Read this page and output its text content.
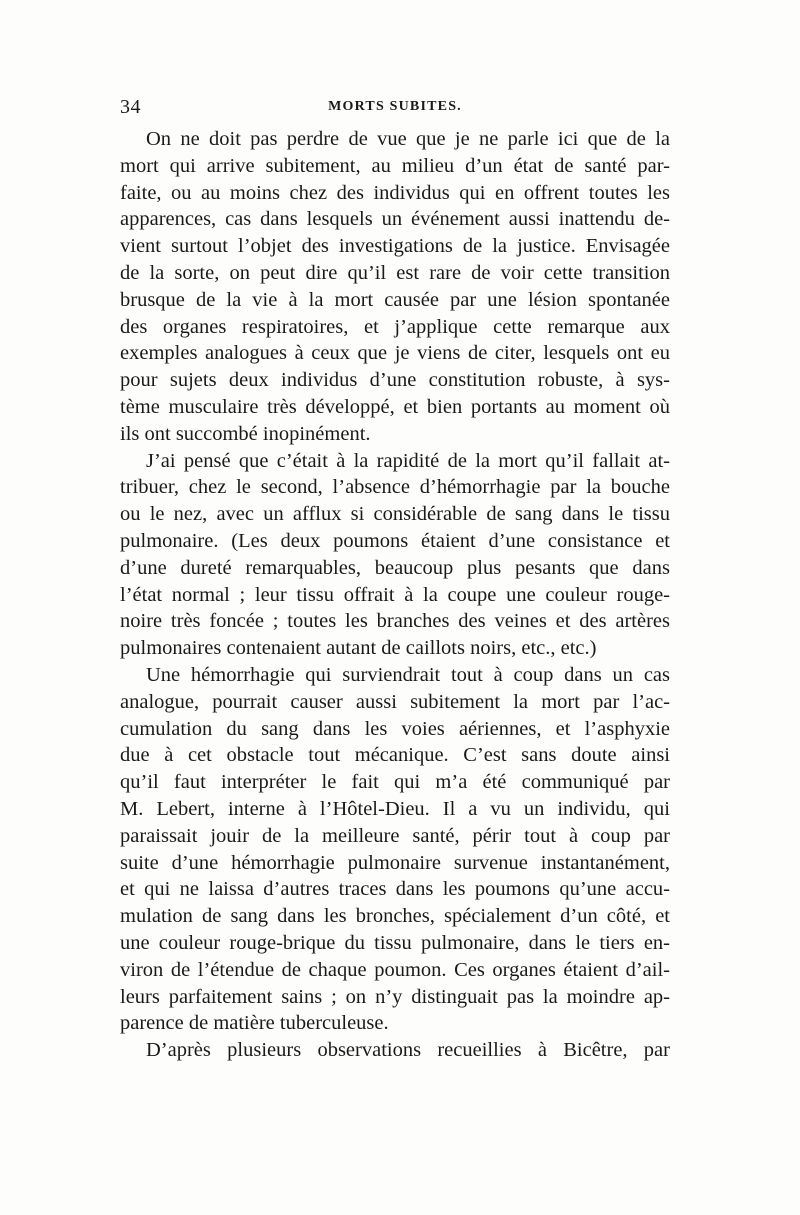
34	MORTS SUBITES.
On ne doit pas perdre de vue que je ne parle ici que de la
mort qui arrive subitement, au milieu d’un état de santé par-
faite, ou au moins chez des individus qui en offrent toutes les
apparences, cas dans lesquels un événement aussi inattendu de-
vient surtout l’objet des investigations de la justice. Envisagée
de la sorte, on peut dire qu’il est rare de voir cette transition
brusque de la vie à la mort causée par une lésion spontanée
des organes respiratoires, et j’applique cette remarque aux
exemples analogues à ceux que je viens de citer, lesquels ont eu
pour sujets deux individus d’une constitution robuste, à sys-
tème musculaire très développé, et bien portants au moment où
ils ont succombé inopinément.
J’ai pensé que c’était à la rapidité de la mort qu’il fallait at-
tribuer, chez le second, l’absence d’hémorrhagie par la bouche
ou le nez, avec un afflux si considérable de sang dans le tissu
pulmonaire. (Les deux poumons étaient d’une consistance et
d’une dureté remarquables, beaucoup plus pesants que dans
l’état normal ; leur tissu offrait à la coupe une couleur rouge-
noire très foncée ; toutes les branches des veines et des artères
pulmonaires contenaient autant de caillots noirs, etc., etc.)
Une hémorrhagie qui surviendrait tout à coup dans un cas
analogue, pourrait causer aussi subitement la mort par l’ac-
cumulation du sang dans les voies aériennes, et l’asphyxie
due à cet obstacle tout mécanique. C’est sans doute ainsi
qu’il faut interpréter le fait qui m’a été communiqué par
M. Lebert, interne à l’Hôtel-Dieu. Il a vu un individu, qui
paraissait jouir de la meilleure santé, périr tout à coup par
suite d’une hémorrhagie pulmonaire survenue instantanément,
et qui ne laissa d’autres traces dans les poumons qu’une accu-
mulation de sang dans les bronches, spécialement d’un côté, et
une couleur rouge-brique du tissu pulmonaire, dans le tiers en-
viron de l’étendue de chaque poumon. Ces organes étaient d’ail-
leurs parfaitement sains ; on n’y distinguait pas la moindre ap-
parence de matière tuberculeuse.
D’après plusieurs observations recueillies à Bicêtre, par
